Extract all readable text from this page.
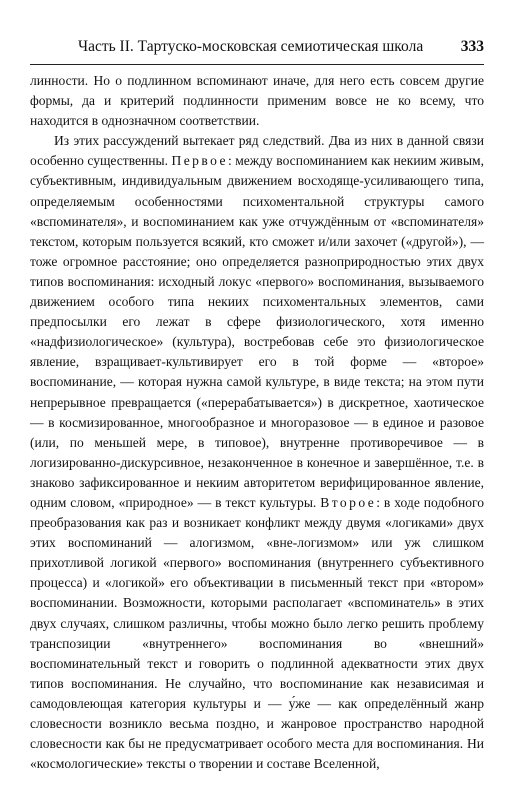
Часть II. Тартуско-московская семиотическая школа 333

линности. Но о подлинном вспоминают иначе, для него есть совсем другие формы, да и критерий подлинности применим вовсе не ко всему, что находится в однозначном соответствии.

Из этих рассуждений вытекает ряд следствий. Два из них в данной связи особенно существенны. Первое: между воспоминанием как некиим живым, субъективным, индивидуальным движением восходяще-усиливающего типа, определяемым особенностями психоментальной структуры самого «вспоминателя», и воспоминанием как уже отчуждённым от «вспоминателя» текстом, которым пользуется всякий, кто сможет и/или захочет («другой»), — тоже огромное расстояние; оно определяется разноприродностью этих двух типов воспоминания: исходный локус «первого» воспоминания, вызываемого движением особого типа некиих психоментальных элементов, сами предпосылки его лежат в сфере физиологического, хотя именно «надфизиологическое» (культура), востребовав себе это физиологическое явление, взращивает-культивирует его в той форме — «второе» воспоминание, — которая нужна самой культуре, в виде текста; на этом пути непрерывное превращается («перерабатывается») в дискретное, хаотическое — в космизированное, многообразное и многоразовое — в единое и разовое (или, по меньшей мере, в типовое), внутренне противоречивое — в логизированно-дискурсивное, незаконченное в конечное и завершённое, т.е. в знаково зафиксированное и некиим авторитетом верифицированное явление, одним словом, «природное» — в текст культуры. Второе: в ходе подобного преобразования как раз и возникает конфликт между двумя «логиками» двух этих воспоминаний — алогизмом, «вне-логизмом» или уж слишком прихотливой логикой «первого» воспоминания (внутреннего субъективного процесса) и «логикой» его объективации в письменный текст при «втором» воспоминании. Возможности, которыми располагает «вспоминатель» в этих двух случаях, слишком различны, чтобы можно было легко решить проблему транспозиции «внутреннего» воспоминания во «внешний» воспоминательный текст и говорить о подлинной адекватности этих двух типов воспоминания. Не случайно, что воспоминание как независимая и самодовлеющая категория культуры и — у́же — как определённый жанр словесности возникло весьма поздно, и жанровое пространство народной словесности как бы не предусматривает особого места для воспоминания. Ни «космологические» тексты о творении и составе Вселенной,
